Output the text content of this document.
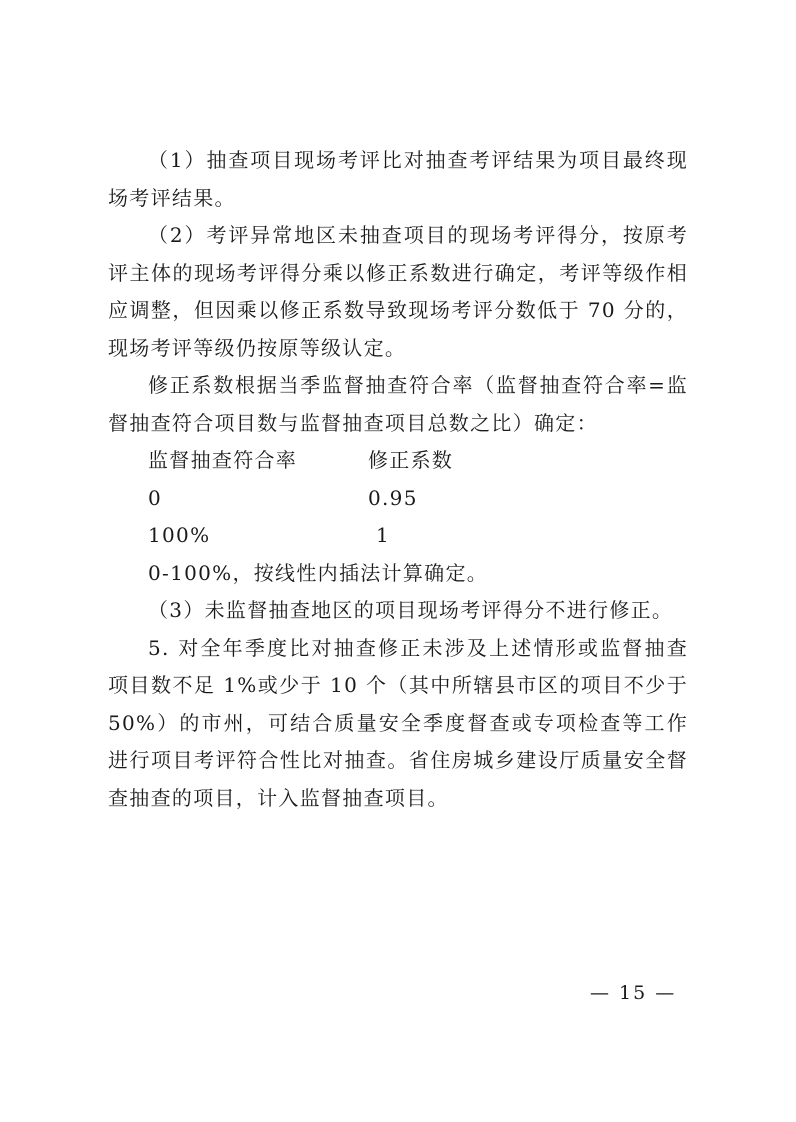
（1）抽查项目现场考评比对抽查考评结果为项目最终现场考评结果。

（2）考评异常地区未抽查项目的现场考评得分，按原考评主体的现场考评得分乘以修正系数进行确定，考评等级作相应调整，但因乘以修正系数导致现场考评分数低于 70 分的，现场考评等级仍按原等级认定。

修正系数根据当季监督抽查符合率（监督抽查符合率=监督抽查符合项目数与监督抽查项目总数之比）确定：

监督抽查符合率	修正系数
0	0.95
100%	1

0-100%，按线性内插法计算确定。

（3）未监督抽查地区的项目现场考评得分不进行修正。

5. 对全年季度比对抽查修正未涉及上述情形或监督抽查项目数不足 1%或少于 10 个（其中所辖县市区的项目不少于 50%）的市州，可结合质量安全季度督查或专项检查等工作进行项目考评符合性比对抽查。省住房城乡建设厅质量安全督查抽查的项目，计入监督抽查项目。

— 15 —
